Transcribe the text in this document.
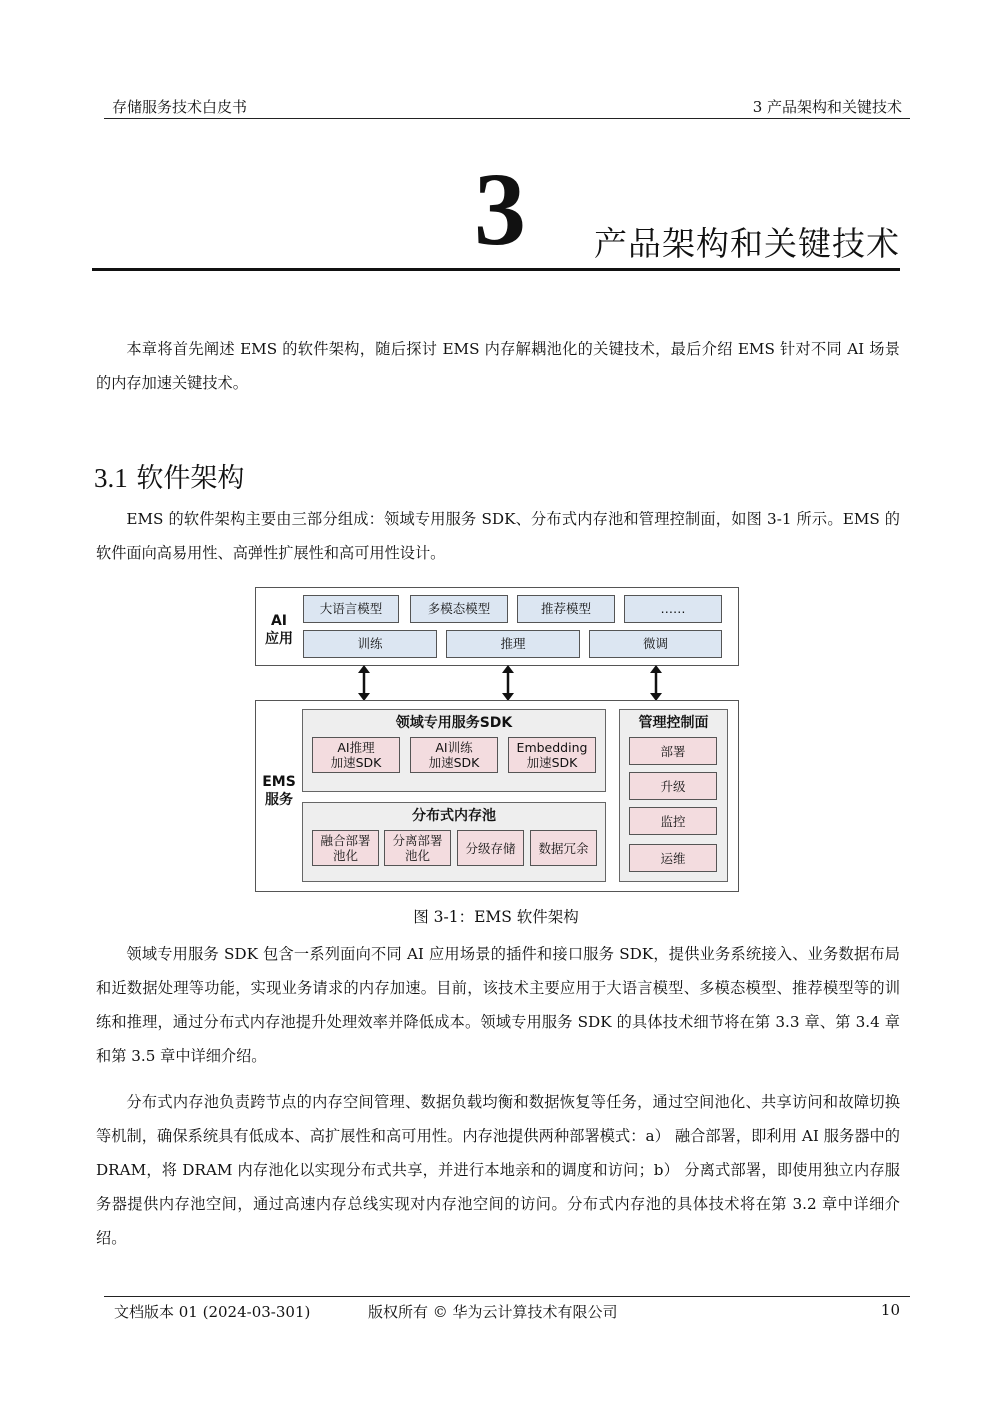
存储服务技术白皮书	3 产品架构和关键技术
3 产品架构和关键技术

本章将首先阐述 EMS 的软件架构，随后探讨 EMS 内存解耦池化的关键技术，最后介绍 EMS 针对不同 AI 场景的内存加速关键技术。

3.1 软件架构

EMS 的软件架构主要由三部分组成：领域专用服务 SDK、分布式内存池和管理控制面，如图 3-1 所示。EMS 的软件面向高易用性、高弹性扩展性和高可用性设计。

AI
应用
大语言模型	多模态模型	推荐模型	……
训练	推理	微调
EMS
服务
领域专用服务SDK
AI推理
加速SDK
AI训练
加速SDK
Embedding
加速SDK
分布式内存池
融合部署
池化
分离部署
池化	分级存储	数据冗余
管理控制面
部署
升级
监控
运维
图 3-1：EMS 软件架构

领域专用服务 SDK 包含一系列面向不同 AI 应用场景的插件和接口服务 SDK，提供业务系统接入、业务数据布局和近数据处理等功能，实现业务请求的内存加速。目前，该技术主要应用于大语言模型、多模态模型、推荐模型等的训练和推理，通过分布式内存池提升处理效率并降低成本。领域专用服务 SDK 的具体技术细节将在第 3.3 章、第 3.4 章和第 3.5 章中详细介绍。

分布式内存池负责跨节点的内存空间管理、数据负载均衡和数据恢复等任务，通过空间池化、共享访问和故障切换等机制，确保系统具有低成本、高扩展性和高可用性。内存池提供两种部署模式：a） 融合部署，即利用 AI 服务器中的 DRAM，将 DRAM 内存池化以实现分布式共享，并进行本地亲和的调度和访问；b） 分离式部署，即使用独立内存服务器提供内存池空间，通过高速内存总线实现对内存池空间的访问。分布式内存池的具体技术将在第 3.2 章中详细介绍。

文档版本 01 (2024-03-301)	版权所有 © 华为云计算技术有限公司	10
